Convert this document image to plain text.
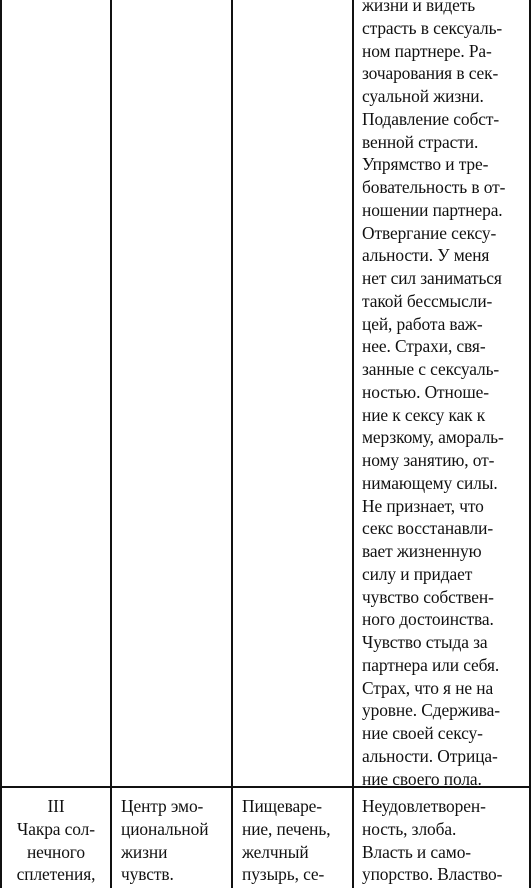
жизни и видеть
страсть в сексуаль-
ном партнере. Ра-
зочарования в сек-
суальной жизни.
Подавление собст-
венной страсти.
Упрямство и тре-
бовательность в от-
ношении партнера.
Отвергание сексу-
альности. У меня
нет сил заниматься
такой бессмысли-
цей, работа важ-
нее. Страхи, свя-
занные с сексуаль-
ностью. Отноше-
ние к сексу как к
мерзкому, амораль-
ному занятию, от-
нимающему силы.
Не признает, что
секс восстанавли-
вает жизненную
силу и придает
чувство собствен-
ного достоинства.
Чувство стыда за
партнера или себя.
Страх, что я не на
уровне. Сдержива-
ние своей сексу-
альности. Отрица-
ние своего пола.
III
Чакра сол-
нечного
сплетения,
Центр эмо-
циональной
жизни
чувств.
Пищеваре-
ние, печень,
желчный
пузырь, се-
Неудовлетворен-
ность, злоба.
Власть и само-
упорство. Властво-
